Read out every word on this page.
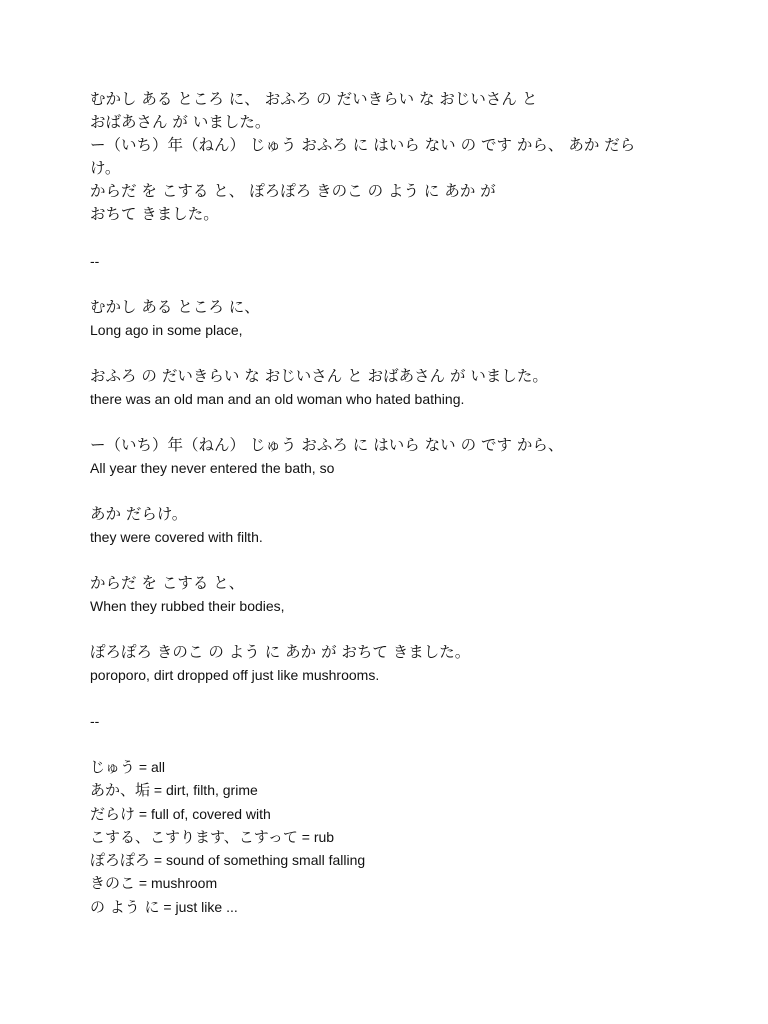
むかし ある ところ に、 おふろ の だいきらい な おじいさん と

おばあさん が いました。

ー（いち）年（ねん） じゅう おふろ に はいら ない の です から、 あか だら

け。

からだ を こする と、 ぽろぽろ きのこ の よう に あか が

おちて きました。

--

むかし ある ところ に、

Long ago in some place,

おふろ の だいきらい な おじいさん と おばあさん が いました。

there was an old man and an old woman who hated bathing.

ー（いち）年（ねん） じゅう おふろ に はいら ない の です から、

All year they never entered the bath, so

あか だらけ。

they were covered with filth.

からだ を こする と、

When they rubbed their bodies,

ぽろぽろ きのこ の よう に あか が おちて きました。

poroporo, dirt dropped off just like mushrooms.

--

じゅう = all

あか、垢 = dirt, filth, grime

だらけ = full of, covered with

こする、こすります、こすって = rub

ぽろぽろ = sound of something small falling

きのこ = mushroom

の よう に = just like ...
